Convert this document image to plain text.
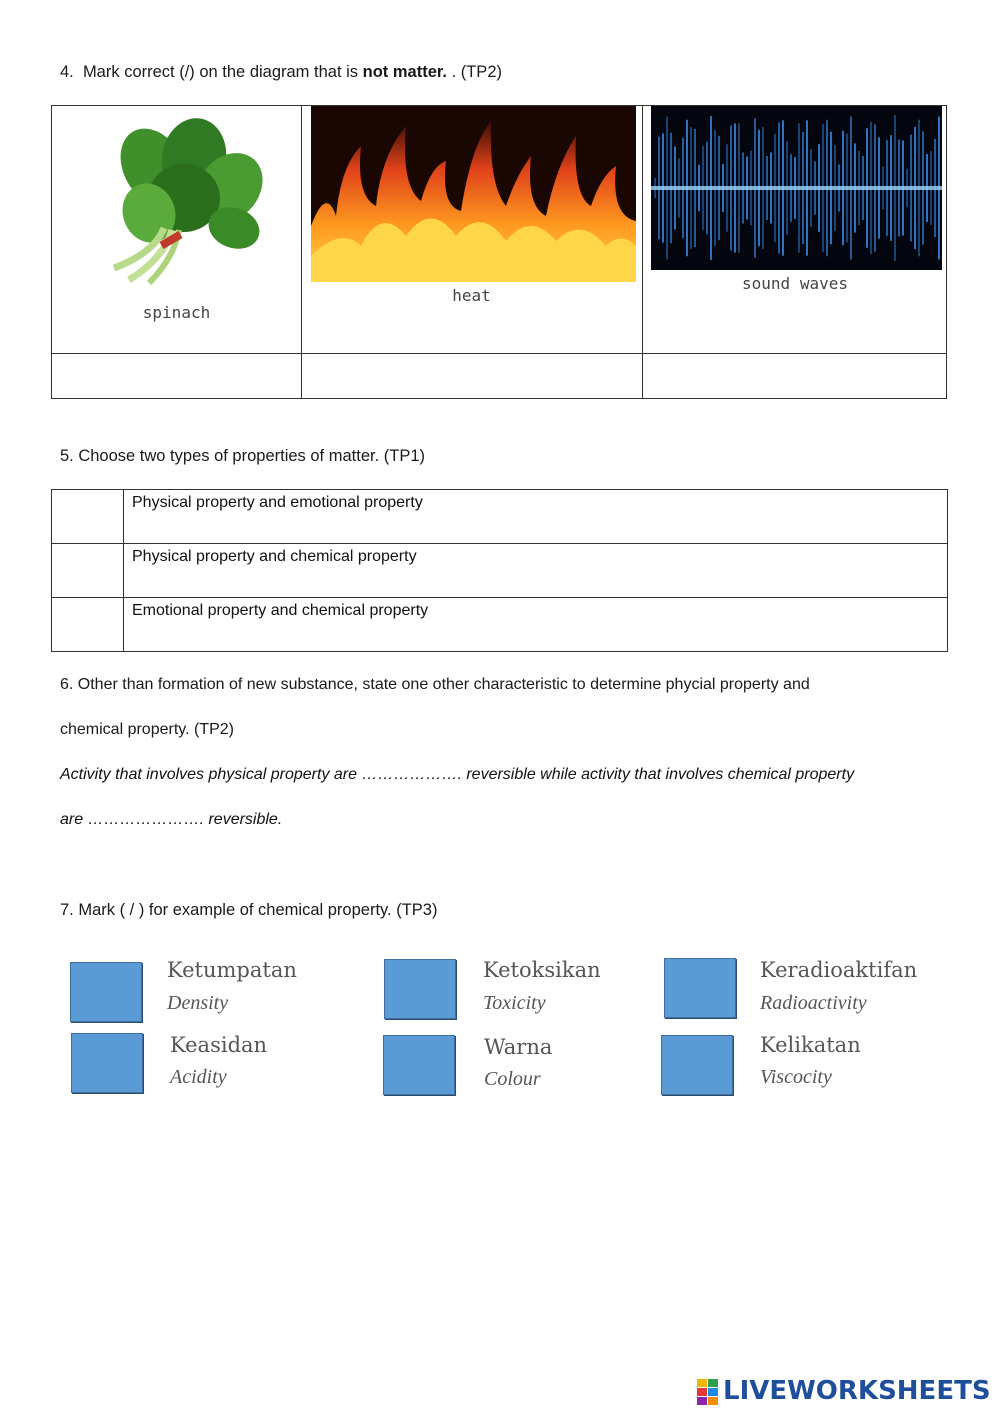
4. Mark correct (/) on the diagram that is not matter. . (TP2)
spinach
heat
sound waves
5. Choose two types of properties of matter. (TP1)
	Physical property and emotional property
	Physical property and chemical property
	Emotional property and chemical property
6. Other than formation of new substance, state one other characteristic to determine phycial property and
chemical property. (TP2)
Activity that involves physical property are ………………. reversible while activity that involves chemical property
are …………………. reversible.
7. Mark ( / ) for example of chemical property. (TP3)
Ketumpatan
Density
Ketoksikan
Toxicity
Keradioaktifan
Radioactivity
Keasidan
Acidity
Warna
Colour
Kelikatan
Viscocity
LIVEWORKSHEETS
